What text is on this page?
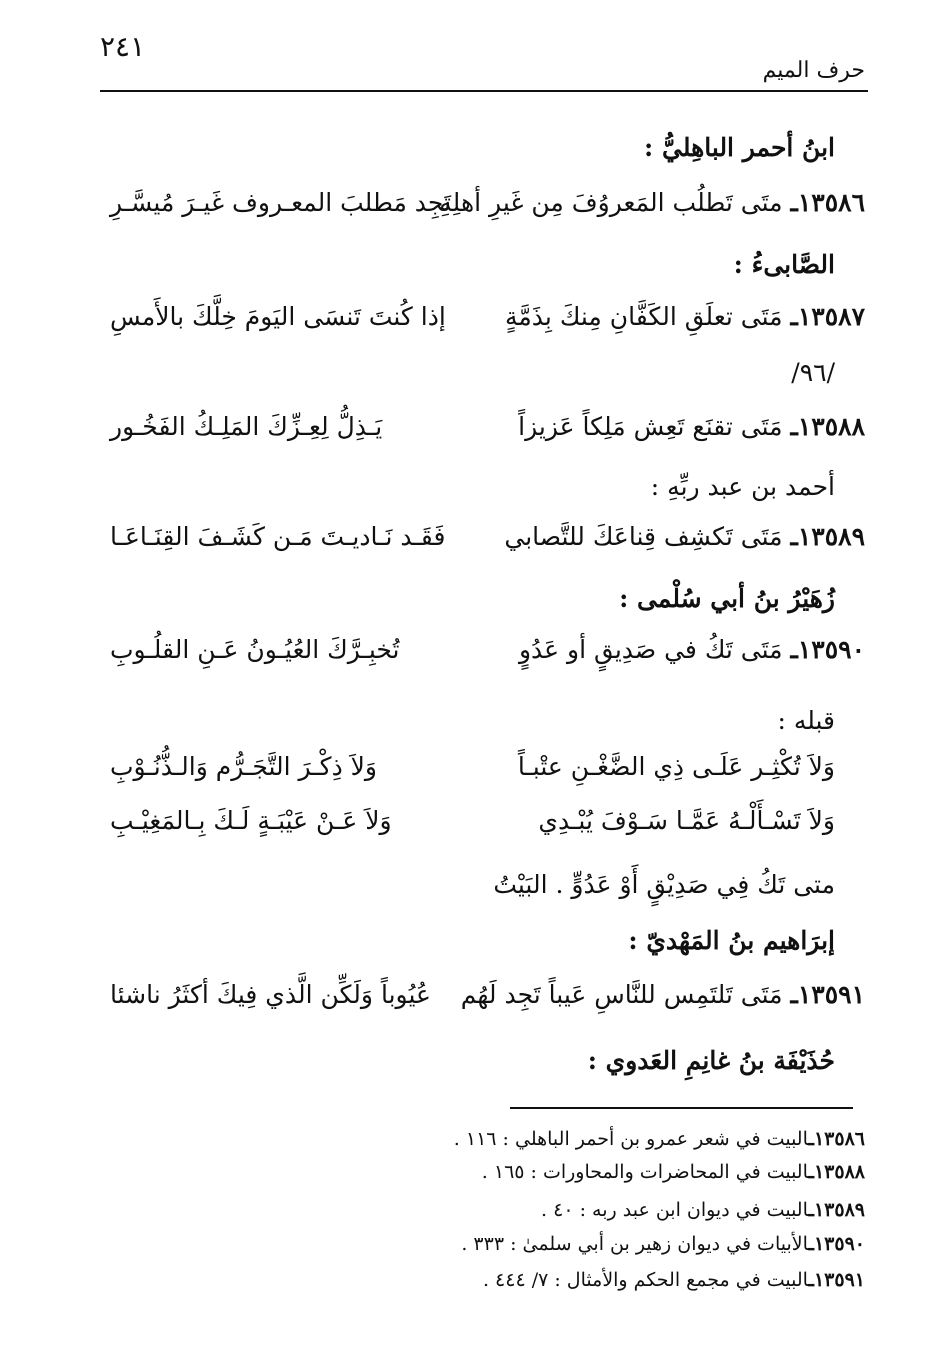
٢٤١
حرف الميم
ابنُ أحمر الباهِليُّ :
١٣٥٨٦ـ متَى تَطلُب المَعروُفَ مِن غَيرِ أهلِهِ
تَجِد مَطلبَ المعـروف غَيـرَ مُيسَّـرِ
الصَّابىءُ :
١٣٥٨٧ـ مَتَى تعلَقِ الكَفَّانِ مِنكَ بِذَمَّةٍ
إذا كُنتَ تَنسَى اليَومَ خِلَّكَ بالأَمسِ
/٩٦/
١٣٥٨٨ـ مَتَى تقنَع تَعِش مَلِكاً عَزيزاً
يَـذِلُّ لِعِـزِّكَ المَلِـكُ الفَخُـور
أحمد بن عبد ربِّهِ :
١٣٥٨٩ـ مَتَى تَكشِف قِناعَكَ للتَّصابي
فَقَـد نَـاديـتَ مَـن كَشَـفَ القِنَـاعَـا
زُهَيْرُ بنُ أبي سُلْمى :
١٣٥٩٠ـ مَتَى تَكُ في صَدِيقٍ أو عَدُوٍ
تُخبِـرَّكَ العُيُـونُ عَـنِ القلُـوبِ
قبله :
وَلاَ تُكْثِـر عَلَـى ذِي الضَّغْـنِ عتْبـاً
وَلاَ ذِكْـرَ التَّجَـرُّم وَالـذُّنُـوْبِ
وَلاَ تَسْـأَلْـهُ عَمَّـا سَـوْفَ يُبْـدِي
وَلاَ عَـنْ عَيْبَـةٍ لَـكَ بِـالمَغِيْـبِ
متى تَكُ فِي صَدِيْقٍ أَوْ عَدُوٍّ . البَيْتُ
إبرَاهيم بنُ المَهْديّ :
١٣٥٩١ـ مَتَى تَلتَمِس للنَّاسِ عَيباً تَجِد لَهُم
عُيُوباً وَلَكِّن الَّذي فِيكَ أكثَرُ ناشئا
حُذَيْفَة بنُ غانِمِ العَدوي :
١٣٥٨٦ـالبيت في شعر عمرو بن أحمر الباهلي : ١١٦ .
١٣٥٨٨ـالبيت في المحاضرات والمحاورات : ١٦٥ .
١٣٥٨٩ـالبيت في ديوان ابن عبد ربه : ٤٠ .
١٣٥٩٠ـالأبيات في ديوان زهير بن أبي سلمىٰ : ٣٣٣ .
١٣٥٩١ـالبيت في مجمع الحكم والأمثال : ٧/ ٤٤٤ .
